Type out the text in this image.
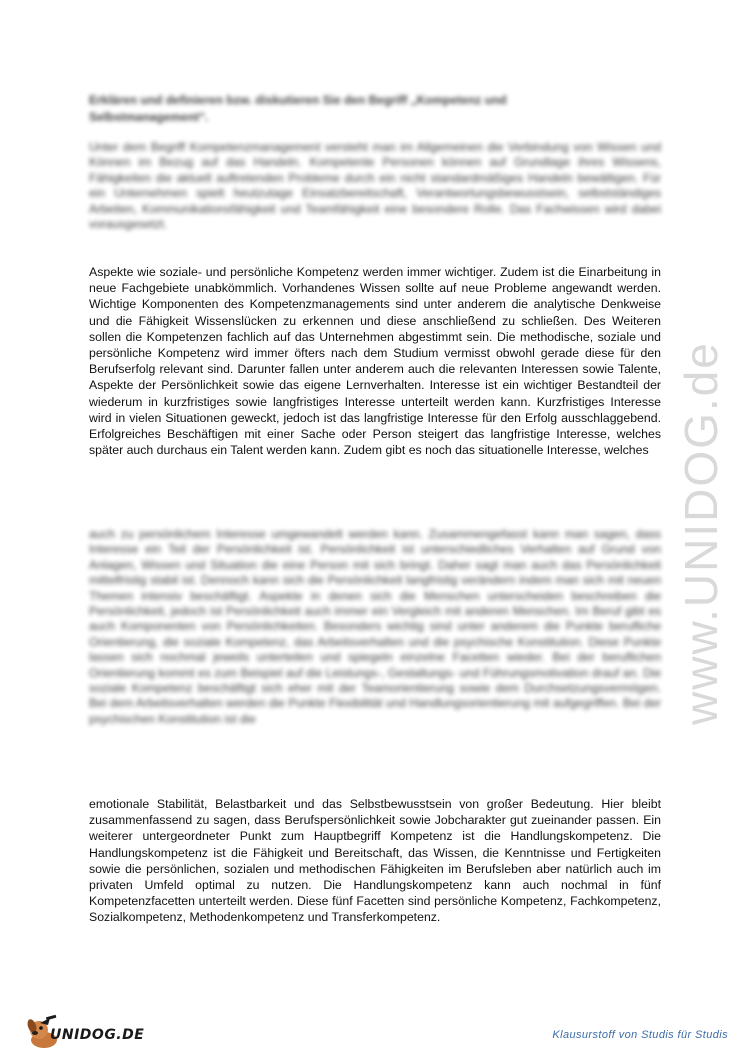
Erklären und definieren bzw. diskutieren Sie den Begriff „Kompetenz und Selbstmanagement“.
Unter dem Begriff Kompetenzmanagement versteht man im Allgemeinen die Verbindung von Wissen und Können im Bezug auf das Handeln. Kompetente Personen können auf Grundlage ihres Wissens, Fähigkeiten die aktuell auftretenden Probleme durch ein nicht standardmäßiges Handeln bewältigen. Für ein Unternehmen spielt heutzutage Einsatzbereitschaft, Verantwortungsbewusstsein, selbstständiges Arbeiten, Kommunikationsfähigkeit und Teamfähigkeit eine besondere Rolle. Das Fachwissen wird dabei vorausgesetzt.
Aspekte wie soziale- und persönliche Kompetenz werden immer wichtiger. Zudem ist die Einarbeitung in neue Fachgebiete unabkömmlich. Vorhandenes Wissen sollte auf neue Probleme angewandt werden. Wichtige Komponenten des Kompetenzmanagements sind unter anderem die analytische Denkweise und die Fähigkeit Wissenslücken zu erkennen und diese anschließend zu schließen. Des Weiteren sollen die Kompetenzen fachlich auf das Unternehmen abgestimmt sein. Die methodische, soziale und persönliche Kompetenz wird immer öfters nach dem Studium vermisst obwohl gerade diese für den Berufserfolg relevant sind. Darunter fallen unter anderem auch die relevanten Interessen sowie Talente, Aspekte der Persönlichkeit sowie das eigene Lernverhalten. Interesse ist ein wichtiger Bestandteil der wiederum in kurzfristiges sowie langfristiges Interesse unterteilt werden kann. Kurzfristiges Interesse wird in vielen Situationen geweckt, jedoch ist das langfristige Interesse für den Erfolg ausschlaggebend. Erfolgreiches Beschäftigen mit einer Sache oder Person steigert das langfristige Interesse, welches später auch durchaus ein Talent werden kann. Zudem gibt es noch das situationelle Interesse, welches
auch zu persönlichem Interesse umgewandelt werden kann. Zusammengefasst kann man sagen, dass Interesse ein Teil der Persönlichkeit ist. Persönlichkeit ist unterschiedliches Verhalten auf Grund von Anlagen, Wissen und Situation die eine Person mit sich bringt. Daher sagt man auch das Persönlichkeit mittelfristig stabil ist. Dennoch kann sich die Persönlichkeit langfristig verändern indem man sich mit neuen Themen intensiv beschäftigt. Aspekte in denen sich die Menschen unterscheiden beschreiben die Persönlichkeit, jedoch ist Persönlichkeit auch immer ein Vergleich mit anderen Menschen. Im Beruf gibt es auch Komponenten von Persönlichkeiten. Besonders wichtig sind unter anderem die Punkte berufliche Orientierung, die soziale Kompetenz, das Arbeitsverhalten und die psychische Konstitution. Diese Punkte lassen sich nochmal jeweils unterteilen und spiegeln einzelne Facetten wieder. Bei der beruflichen Orientierung kommt es zum Beispiel auf die Leistungs-, Gestaltungs- und Führungsmotivation drauf an. Die soziale Kompetenz beschäftigt sich eher mit der Teamorientierung sowie dem Durchsetzungsvermögen. Bei dem Arbeitsverhalten werden die Punkte Flexibilität und Handlungsorientierung mit aufgegriffen. Bei der psychischen Konstitution ist die
emotionale Stabilität, Belastbarkeit und das Selbstbewusstsein von großer Bedeutung. Hier bleibt zusammenfassend zu sagen, dass Berufspersönlichkeit sowie Jobcharakter gut zueinander passen. Ein weiterer untergeordneter Punkt zum Hauptbegriff Kompetenz ist die Handlungskompetenz. Die Handlungskompetenz ist die Fähigkeit und Bereitschaft, das Wissen, die Kenntnisse und Fertigkeiten sowie die persönlichen, sozialen und methodischen Fähigkeiten im Berufsleben aber natürlich auch im privaten Umfeld optimal zu nutzen. Die Handlungskompetenz kann auch nochmal in fünf Kompetenzfacetten unterteilt werden. Diese fünf Facetten sind persönliche Kompetenz, Fachkompetenz, Sozialkompetenz, Methodenkompetenz und Transferkompetenz.
www.UNIDOG.de
UNIDOG.DE	Klausurstoff von Studis für Studis
